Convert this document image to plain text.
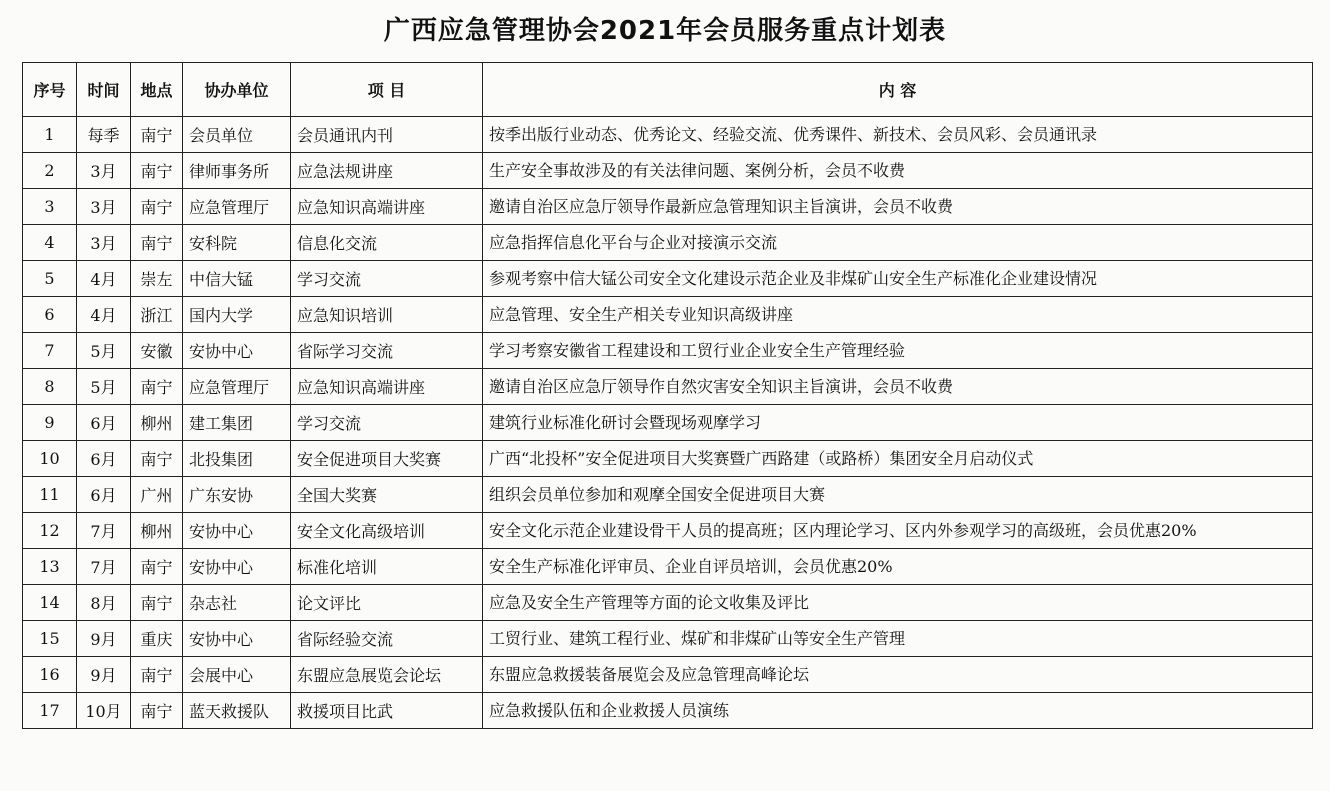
广西应急管理协会2021年会员服务重点计划表
序号	时间	地点	协办单位	项 目	内 容
1	每季	南宁	会员单位	会员通讯内刊	按季出版行业动态、优秀论文、经验交流、优秀课件、新技术、会员风彩、会员通讯录
2	3月	南宁	律师事务所	应急法规讲座	生产安全事故涉及的有关法律问题、案例分析，会员不收费
3	3月	南宁	应急管理厅	应急知识高端讲座	邀请自治区应急厅领导作最新应急管理知识主旨演讲，会员不收费
4	3月	南宁	安科院	信息化交流	应急指挥信息化平台与企业对接演示交流
5	4月	崇左	中信大锰	学习交流	参观考察中信大锰公司安全文化建设示范企业及非煤矿山安全生产标准化企业建设情况
6	4月	浙江	国内大学	应急知识培训	应急管理、安全生产相关专业知识高级讲座
7	5月	安徽	安协中心	省际学习交流	学习考察安徽省工程建设和工贸行业企业安全生产管理经验
8	5月	南宁	应急管理厅	应急知识高端讲座	邀请自治区应急厅领导作自然灾害安全知识主旨演讲，会员不收费
9	6月	柳州	建工集团	学习交流	建筑行业标准化研讨会暨现场观摩学习
10	6月	南宁	北投集团	安全促进项目大奖赛	广西“北投杯”安全促进项目大奖赛暨广西路建（或路桥）集团安全月启动仪式
11	6月	广州	广东安协	全国大奖赛	组织会员单位参加和观摩全国安全促进项目大赛
12	7月	柳州	安协中心	安全文化高级培训	安全文化示范企业建设骨干人员的提高班；区内理论学习、区内外参观学习的高级班，会员优惠20%
13	7月	南宁	安协中心	标准化培训	安全生产标准化评审员、企业自评员培训，会员优惠20%
14	8月	南宁	杂志社	论文评比	应急及安全生产管理等方面的论文收集及评比
15	9月	重庆	安协中心	省际经验交流	工贸行业、建筑工程行业、煤矿和非煤矿山等安全生产管理
16	9月	南宁	会展中心	东盟应急展览会论坛	东盟应急救援装备展览会及应急管理高峰论坛
17	10月	南宁	蓝天救援队	救援项目比武	应急救援队伍和企业救援人员演练
